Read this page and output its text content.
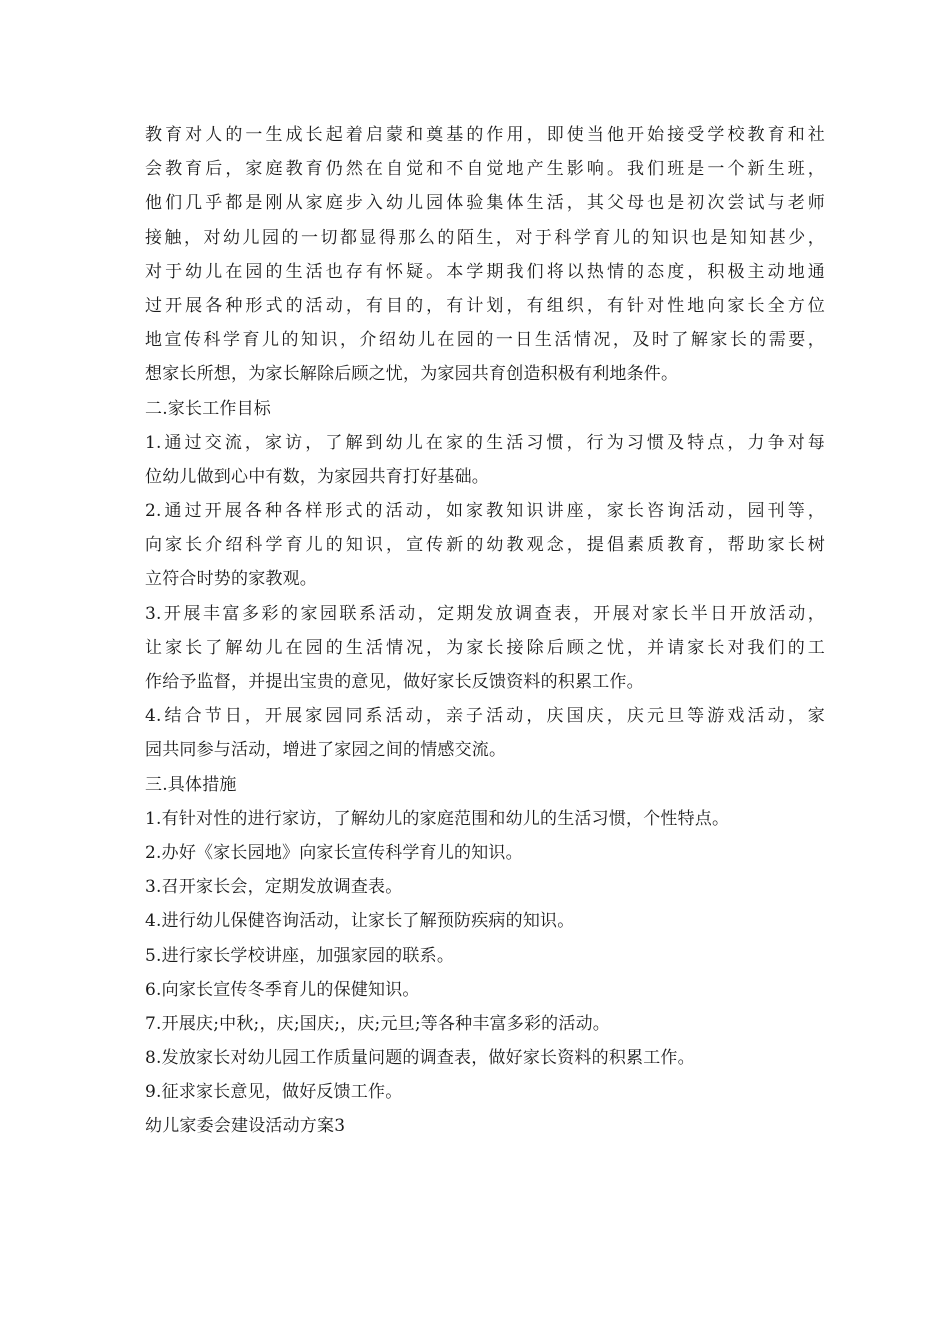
教育对人的一生成长起着启蒙和奠基的作用，即使当他开始接受学校教育和社
会教育后，家庭教育仍然在自觉和不自觉地产生影响。我们班是一个新生班，
他们几乎都是刚从家庭步入幼儿园体验集体生活，其父母也是初次尝试与老师
接触，对幼儿园的一切都显得那么的陌生，对于科学育儿的知识也是知知甚少，
对于幼儿在园的生活也存有怀疑。本学期我们将以热情的态度，积极主动地通
过开展各种形式的活动，有目的，有计划，有组织，有针对性地向家长全方位
地宣传科学育儿的知识，介绍幼儿在园的一日生活情况，及时了解家长的需要，
想家长所想，为家长解除后顾之忧，为家园共育创造积极有利地条件。
二.家长工作目标
1.通过交流，家访，了解到幼儿在家的生活习惯，行为习惯及特点，力争对每
位幼儿做到心中有数，为家园共育打好基础。
2.通过开展各种各样形式的活动，如家教知识讲座，家长咨询活动，园刊等，
向家长介绍科学育儿的知识，宣传新的幼教观念，提倡素质教育，帮助家长树
立符合时势的家教观。
3.开展丰富多彩的家园联系活动，定期发放调查表，开展对家长半日开放活动，
让家长了解幼儿在园的生活情况，为家长接除后顾之忧，并请家长对我们的工
作给予监督，并提出宝贵的意见，做好家长反馈资料的积累工作。
4.结合节日，开展家园同系活动，亲子活动，庆国庆，庆元旦等游戏活动，家
园共同参与活动，增进了家园之间的情感交流。
三.具体措施
1.有针对性的进行家访，了解幼儿的家庭范围和幼儿的生活习惯，个性特点。
2.办好《家长园地》向家长宣传科学育儿的知识。
3.召开家长会，定期发放调查表。
4.进行幼儿保健咨询活动，让家长了解预防疾病的知识。
5.进行家长学校讲座，加强家园的联系。
6.向家长宣传冬季育儿的保健知识。
7.开展庆;中秋;，庆;国庆;，庆;元旦;等各种丰富多彩的活动。
8.发放家长对幼儿园工作质量问题的调查表，做好家长资料的积累工作。
9.征求家长意见，做好反馈工作。
幼儿家委会建设活动方案3
